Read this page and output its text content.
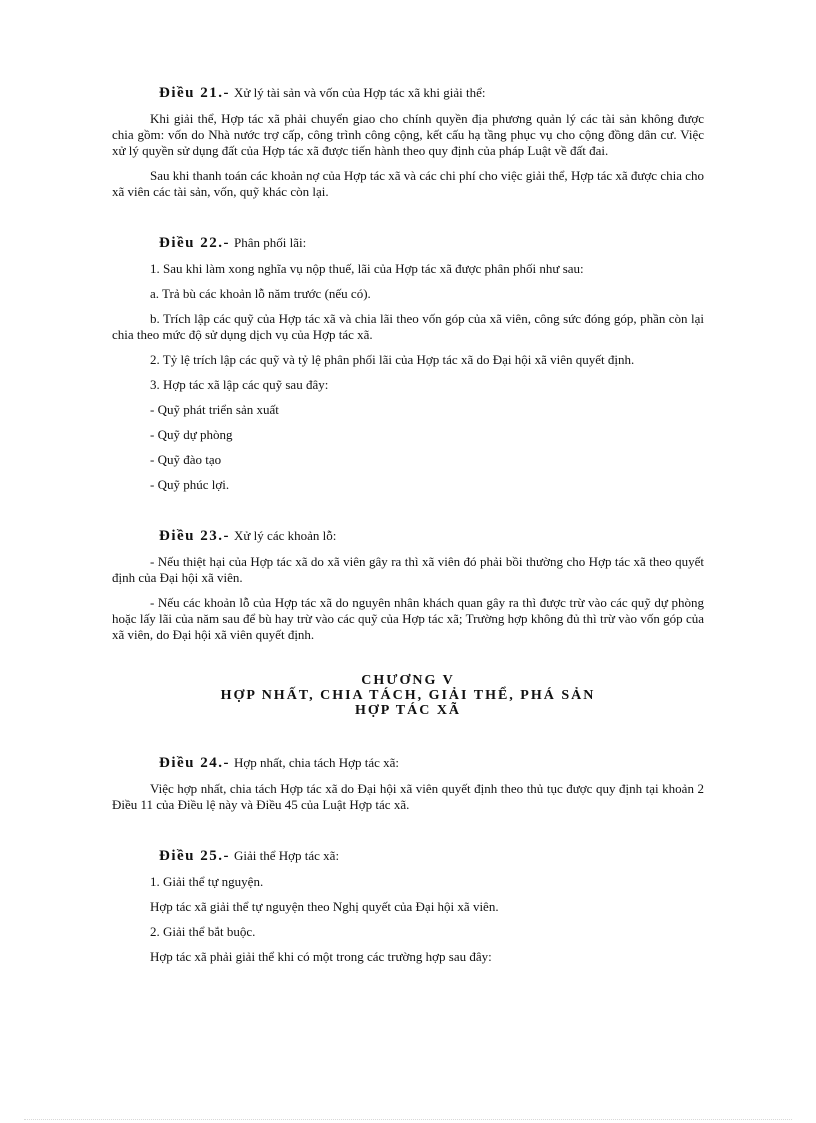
Điều 21.- Xử lý tài sản và vốn của Hợp tác xã khi giải thể:

Khi giải thể, Hợp tác xã phải chuyển giao cho chính quyền địa phương quản lý các tài sản không được chia gồm: vốn do Nhà nước trợ cấp, công trình công cộng, kết cấu hạ tầng phục vụ cho cộng đồng dân cư. Việc xử lý quyền sử dụng đất của Hợp tác xã được tiến hành theo quy định của pháp Luật về đất đai.

Sau khi thanh toán các khoản nợ của Hợp tác xã và các chi phí cho việc giải thể, Hợp tác xã được chia cho xã viên các tài sản, vốn, quỹ khác còn lại.

Điều 22.- Phân phối lãi:

1. Sau khi làm xong nghĩa vụ nộp thuế, lãi của Hợp tác xã được phân phối như sau:

a. Trả bù các khoản lỗ năm trước (nếu có).

b. Trích lập các quỹ của Hợp tác xã và chia lãi theo vốn góp của xã viên, công sức đóng góp, phần còn lại chia theo mức độ sử dụng dịch vụ của Hợp tác xã.

2. Tỷ lệ trích lập các quỹ và tỷ lệ phân phối lãi của Hợp tác xã do Đại hội xã viên quyết định.

3. Hợp tác xã lập các quỹ sau đây:

- Quỹ phát triển sản xuất

- Quỹ dự phòng

- Quỹ đào tạo

- Quỹ phúc lợi.

Điều 23.- Xử lý các khoản lỗ:

- Nếu thiệt hại của Hợp tác xã do xã viên gây ra thì xã viên đó phải bồi thường cho Hợp tác xã theo quyết định của Đại hội xã viên.

- Nếu các khoản lỗ của Hợp tác xã do nguyên nhân khách quan gây ra thì được trừ vào các quỹ dự phòng hoặc lấy lãi của năm sau để bù hay trừ vào các quỹ của Hợp tác xã; Trường hợp không đủ thì trừ vào vốn góp của xã viên, do Đại hội xã viên quyết định.

CHƯƠNG V
HỢP NHẤT, CHIA TÁCH, GIẢI THỂ, PHÁ SẢN
HỢP TÁC XÃ
Điều 24.- Hợp nhất, chia tách Hợp tác xã:

Việc hợp nhất, chia tách Hợp tác xã do Đại hội xã viên quyết định theo thủ tục được quy định tại khoản 2 Điều 11 của Điều lệ này và Điều 45 của Luật Hợp tác xã.

Điều 25.- Giải thể Hợp tác xã:

1. Giải thể tự nguyện.

Hợp tác xã giải thể tự nguyện theo Nghị quyết của Đại hội xã viên.

2. Giải thể bắt buộc.

Hợp tác xã phải giải thể khi có một trong các trường hợp sau đây:
